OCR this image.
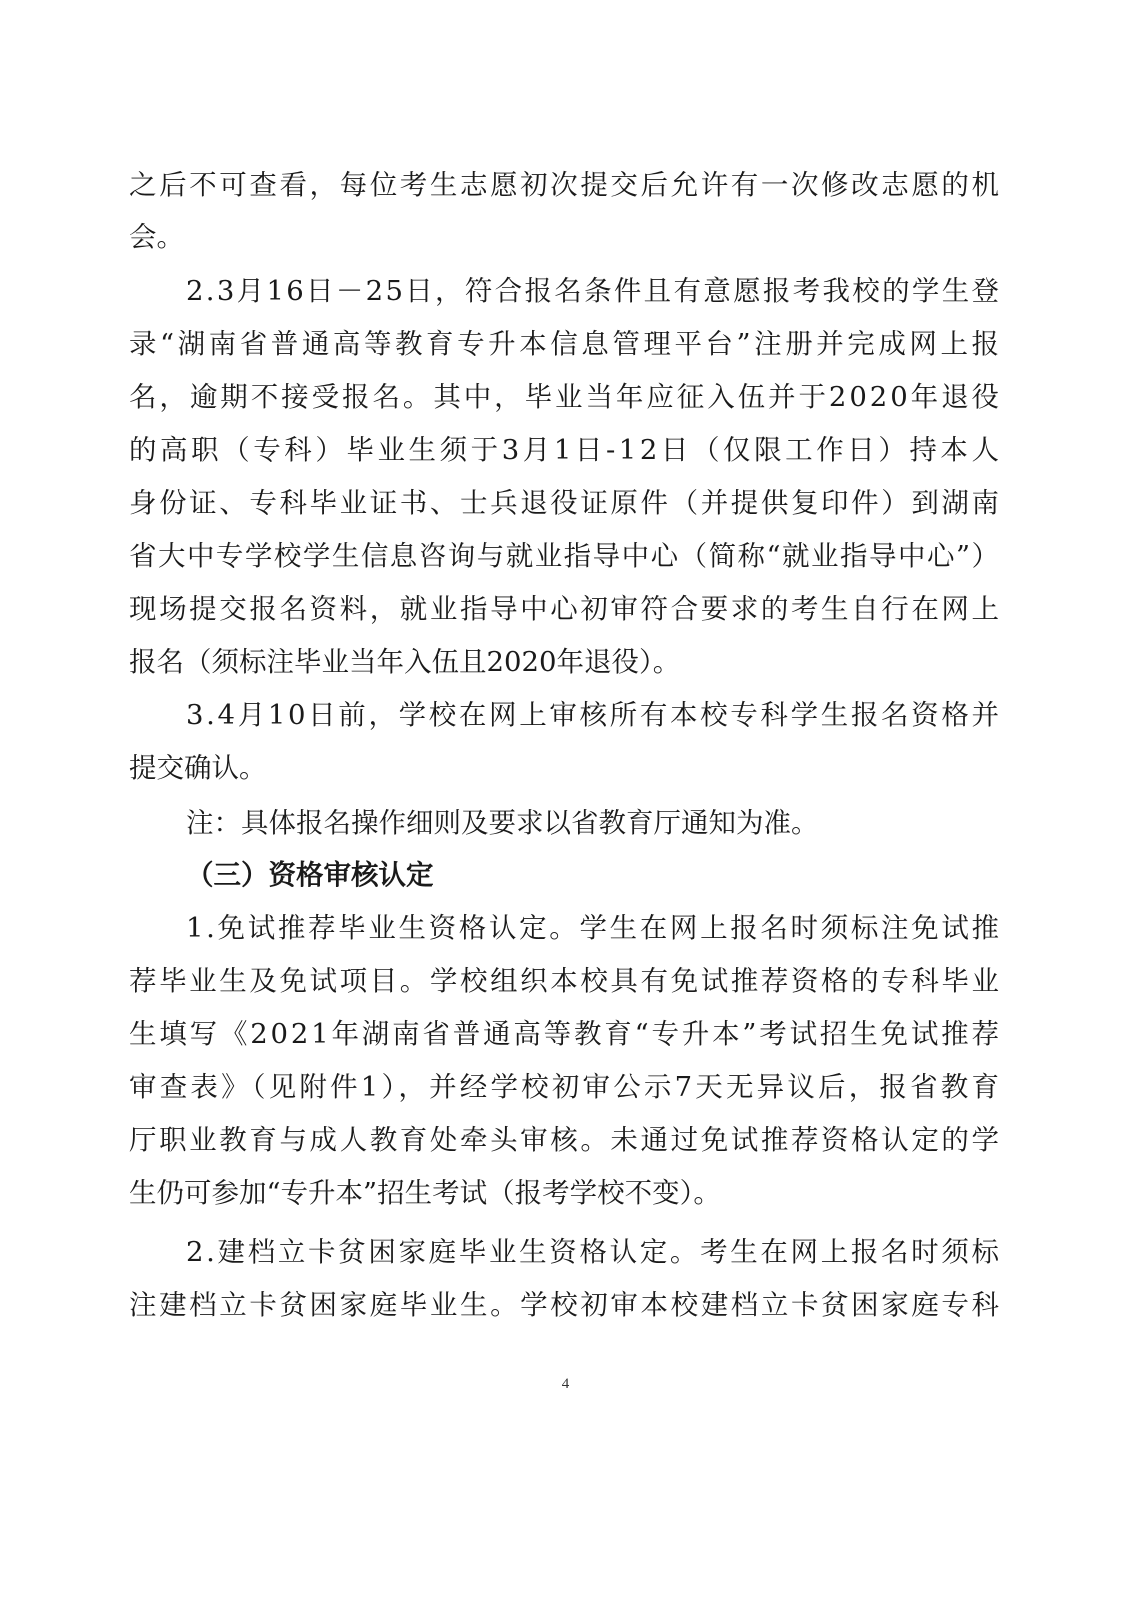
之后不可查看，每位考生志愿初次提交后允许有一次修改志愿的机
会。
2.3月16日－25日，符合报名条件且有意愿报考我校的学生登
录“湖南省普通高等教育专升本信息管理平台”注册并完成网上报
名，逾期不接受报名。其中，毕业当年应征入伍并于2020年退役
的高职（专科）毕业生须于3月1日-12日（仅限工作日）持本人
身份证、专科毕业证书、士兵退役证原件（并提供复印件）到湖南
省大中专学校学生信息咨询与就业指导中心（简称“就业指导中心”）
现场提交报名资料，就业指导中心初审符合要求的考生自行在网上
报名（须标注毕业当年入伍且2020年退役）。
3.4月10日前，学校在网上审核所有本校专科学生报名资格并
提交确认。
注：具体报名操作细则及要求以省教育厅通知为准。
（三）资格审核认定
1.免试推荐毕业生资格认定。学生在网上报名时须标注免试推
荐毕业生及免试项目。学校组织本校具有免试推荐资格的专科毕业
生填写《2021年湖南省普通高等教育“专升本”考试招生免试推荐
审查表》（见附件1），并经学校初审公示7天无异议后，报省教育
厅职业教育与成人教育处牵头审核。未通过免试推荐资格认定的学
生仍可参加“专升本”招生考试（报考学校不变）。
2.建档立卡贫困家庭毕业生资格认定。考生在网上报名时须标
注建档立卡贫困家庭毕业生。学校初审本校建档立卡贫困家庭专科
4
